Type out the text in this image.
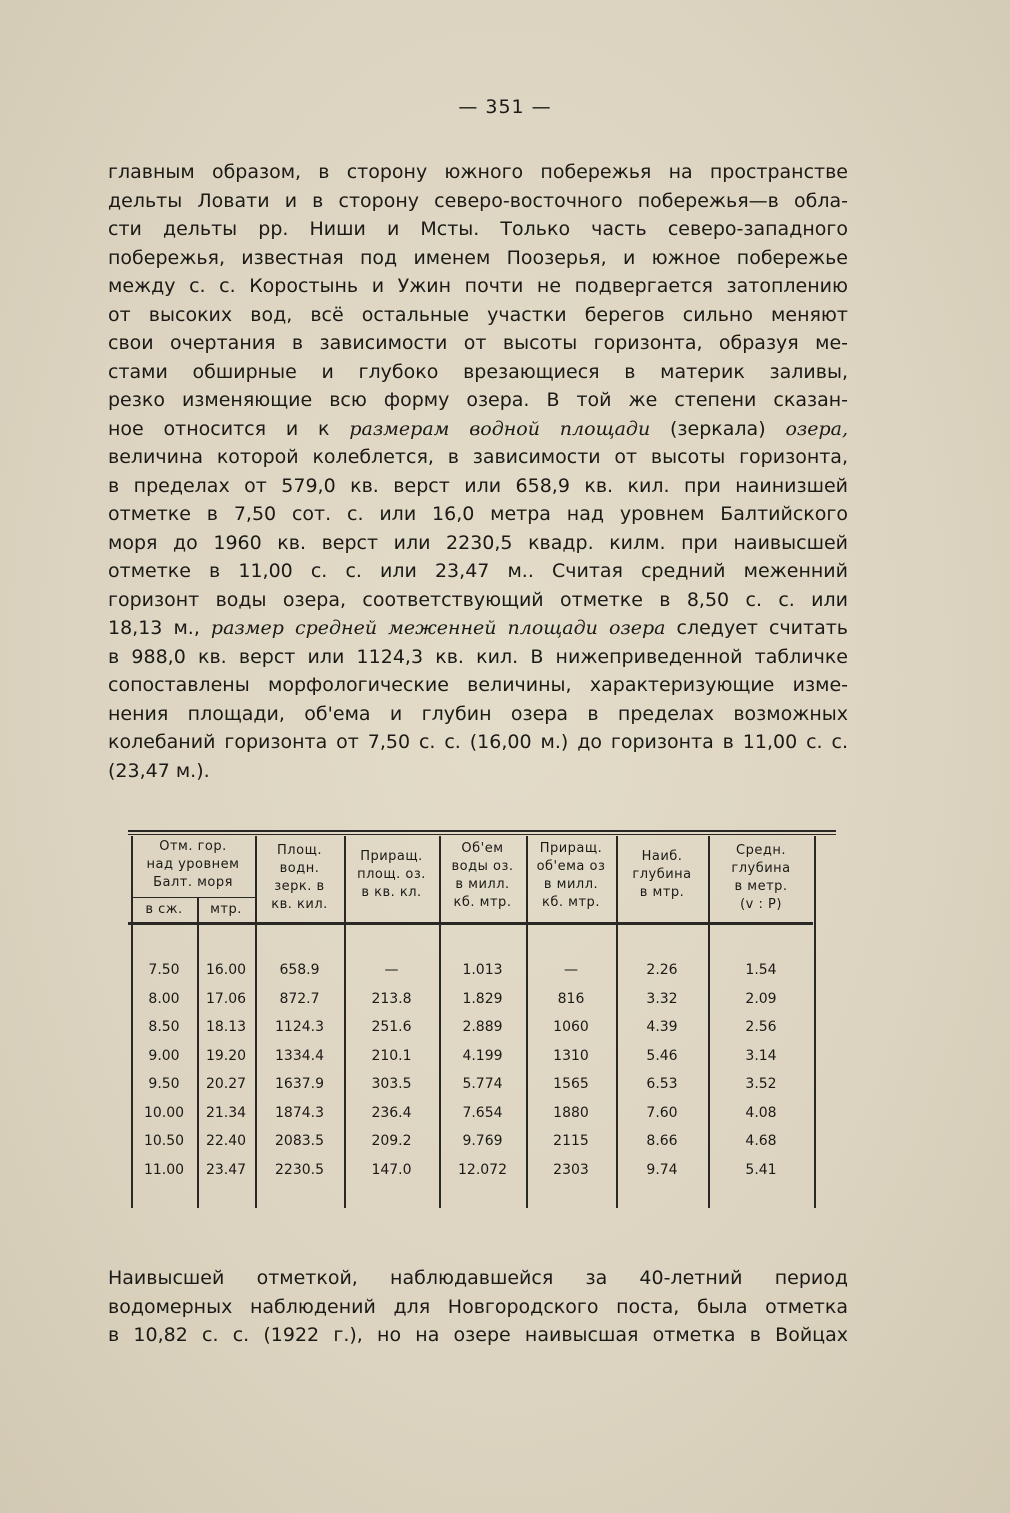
— 351 —
главным образом, в сторону южного побережья на пространстве
дельты Ловати и в сторону северо-восточного побережья—в обла-
сти дельты рр. Ниши и Мсты. Только часть северо-западного
побережья, известная под именем Поозерья, и южное побережье
между с. с. Коростынь и Ужин почти не подвергается затоплению
от высоких вод, всё остальные участки берегов сильно меняют
свои очертания в зависимости от высоты горизонта, образуя ме-
стами обширные и глубоко врезающиеся в материк заливы,
резко изменяющие всю форму озера. В той же степени сказан-
ное относится и к размерам водной площади (зеркала) озера,
величина которой колеблется, в зависимости от высоты горизонта,
в пределах от 579,0 кв. верст или 658,9 кв. кил. при наинизшей
отметке в 7,50 сот. с. или 16,0 метра над уровнем Балтийского
моря до 1960 кв. верст или 2230,5 квадр. килм. при наивысшей
отметке в 11,00 с. с. или 23,47 м.. Считая средний меженний
горизонт воды озера, соответствующий отметке в 8,50 с. с. или
18,13 м., размер средней меженней площади озера следует считать
в 988,0 кв. верст или 1124,3 кв. кил. В нижеприведенной табличке
сопоставлены морфологические величины, характеризующие изме-
нения площади, об'ема и глубин озера в пределах возможных
колебаний горизонта от 7,50 с. с. (16,00 м.) до горизонта в 11,00 с. с.
(23,47 м.).
Отм. гор.
над уровнем
Балт. моря
в сж.	мтр.
Площ.
водн.
зерк. в
кв. кил.
Приращ.
площ. оз.
в кв. кл.
Об'ем
воды оз.
в милл.
кб. мтр.
Приращ.
об'ема оз
в милл.
кб. мтр.
Наиб.
глубина
в мтр.
Средн.
глубина
в метр.
(v : P)
7.50	16.00	658.9	—	1.013	—	2.26	1.54
8.00	17.06	872.7	213.8	1.829	816	3.32	2.09
8.50	18.13	1124.3	251.6	2.889	1060	4.39	2.56
9.00	19.20	1334.4	210.1	4.199	1310	5.46	3.14
9.50	20.27	1637.9	303.5	5.774	1565	6.53	3.52
10.00	21.34	1874.3	236.4	7.654	1880	7.60	4.08
10.50	22.40	2083.5	209.2	9.769	2115	8.66	4.68
11.00	23.47	2230.5	147.0	12.072	2303	9.74	5.41
Наивысшей отметкой, наблюдавшейся за 40-летний период
водомерных наблюдений для Новгородского поста, была отметка
в 10,82 с. с. (1922 г.), но на озере наивысшая отметка в Войцах
